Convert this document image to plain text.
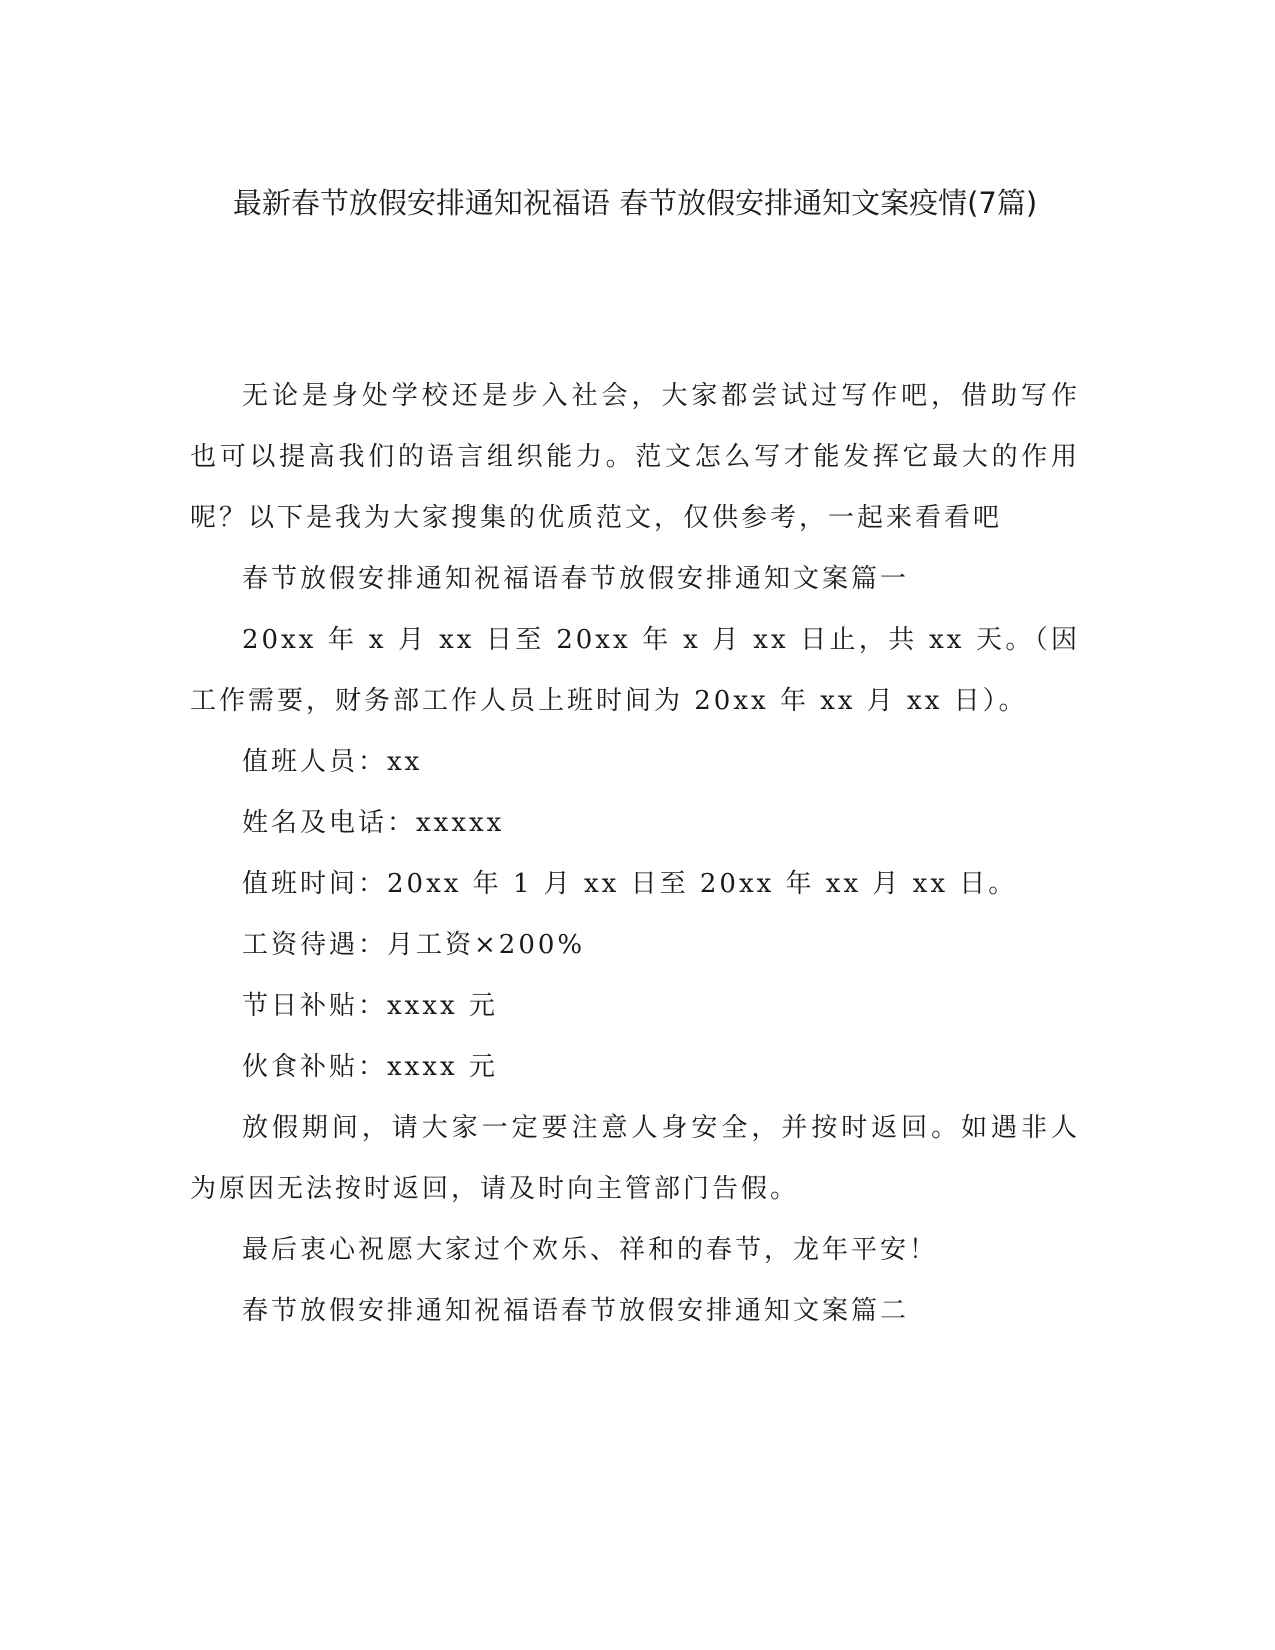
最新春节放假安排通知祝福语 春节放假安排通知文案疫情(7篇)

无论是身处学校还是步入社会，大家都尝试过写作吧，借助写作也可以提高我们的语言组织能力。范文怎么写才能发挥它最大的作用呢？以下是我为大家搜集的优质范文，仅供参考，一起来看看吧

春节放假安排通知祝福语春节放假安排通知文案篇一

20xx 年 x 月 xx 日至 20xx 年 x 月 xx 日止，共 xx 天。（因工作需要，财务部工作人员上班时间为 20xx 年 xx 月 xx 日）。

值班人员：xx

姓名及电话：xxxxx

值班时间：20xx 年 1 月 xx 日至 20xx 年 xx 月 xx 日。

工资待遇：月工资×200%

节日补贴：xxxx 元

伙食补贴：xxxx 元

放假期间，请大家一定要注意人身安全，并按时返回。如遇非人为原因无法按时返回，请及时向主管部门告假。

最后衷心祝愿大家过个欢乐、祥和的春节，龙年平安！

春节放假安排通知祝福语春节放假安排通知文案篇二
